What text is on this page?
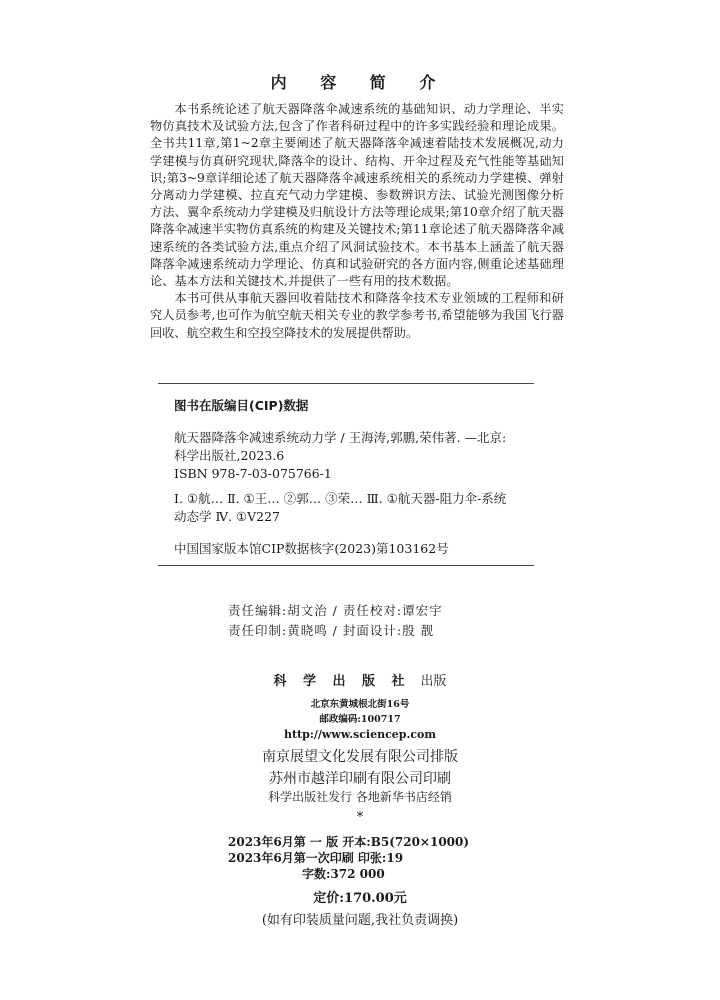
内 容 简 介

本书系统论述了航天器降落伞减速系统的基础知识、动力学理论、半实物仿真技术及试验方法,包含了作者科研过程中的许多实践经验和理论成果。全书共11章,第1~2章主要阐述了航天器降落伞减速着陆技术发展概况,动力学建模与仿真研究现状,降落伞的设计、结构、开伞过程及充气性能等基础知识;第3~9章详细论述了航天器降落伞减速系统相关的系统动力学建模、弹射分离动力学建模、拉直充气动力学建模、参数辨识方法、试验光测图像分析方法、翼伞系统动力学建模及归航设计方法等理论成果;第10章介绍了航天器降落伞减速半实物仿真系统的构建及关键技术;第11章论述了航天器降落伞减速系统的各类试验方法,重点介绍了风洞试验技术。本书基本上涵盖了航天器降落伞减速系统动力学理论、仿真和试验研究的各方面内容,侧重论述基础理论、基本方法和关键技术,并提供了一些有用的技术数据。

本书可供从事航天器回收着陆技术和降落伞技术专业领域的工程师和研究人员参考,也可作为航空航天相关专业的教学参考书,希望能够为我国飞行器回收、航空救生和空投空降技术的发展提供帮助。

图书在版编目(CIP)数据
航天器降落伞减速系统动力学 / 王海涛,郭鹏,荣伟著. —北京:科学出版社,2023.6
ISBN 978-7-03-075766-1
Ⅰ. ①航… Ⅱ. ①王… ②郭… ③荣… Ⅲ. ①航天器-阻力伞-系统动态学 Ⅳ. ①V227
中国国家版本馆CIP数据核字(2023)第103162号
责任编辑:胡文治 / 责任校对:谭宏宇
责任印制:黄晓鸣 / 封面设计:殷 靓
科 学 出 版 社 出版
北京东黄城根北街16号
邮政编码:100717
http://www.sciencep.com
南京展望文化发展有限公司排版
苏州市越洋印刷有限公司印刷
科学出版社发行 各地新华书店经销
*
2023年6月第 一 版 开本:B5(720×1000)
2023年6月第一次印刷 印张:19
字数:372 000
定价:170.00元
(如有印装质量问题,我社负责调换)
